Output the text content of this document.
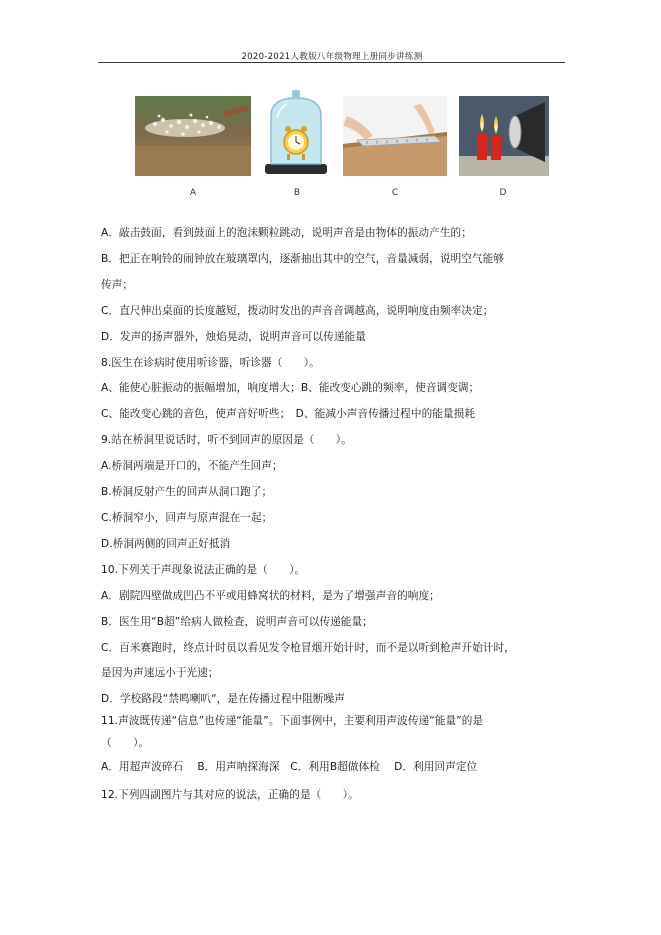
2020-2021人教版八年级物理上册同步讲练测
A	B	C	D
A．敲击鼓面，看到鼓面上的泡沫颗粒跳动，说明声音是由物体的振动产生的；
B．把正在响铃的闹钟放在玻璃罩内，逐渐抽出其中的空气，音量减弱，说明空气能够
传声；
C．直尺伸出桌面的长度越短，拨动时发出的声音音调越高，说明响度由频率决定；
D．发声的扬声器外，烛焰晃动，说明声音可以传递能量
8.医生在诊病时使用听诊器，听诊器（　　）。
A、能使心脏振动的振幅增加，响度增大；B、能改变心跳的频率，使音调变调；
C、能改变心跳的音色，使声音好听些；　D、能减小声音传播过程中的能量损耗
9.站在桥洞里说话时，听不到回声的原因是（　　）。
A.桥洞两端是开口的，不能产生回声；
B.桥洞反射产生的回声从洞口跑了；
C.桥洞窄小，回声与原声混在一起；
D.桥洞两侧的回声正好抵消
10.下列关于声现象说法正确的是（　　）。
A．剧院四壁做成凹凸不平或用蜂窝状的材料，是为了增强声音的响度；
B．医生用“B超”给病人做检查，说明声音可以传递能量；
C．百米赛跑时，终点计时员以看见发令枪冒烟开始计时，而不是以听到枪声开始计时，
是因为声速远小于光速；
D．学校路段“禁鸣喇叭“，是在传播过程中阻断噪声
11.声波既传递“信息”也传递“能量”。下面事例中，主要利用声波传递“能量”的是
（　　）。
A．用超声波碎石　 B．用声呐探海深　C．利用B超做体检　 D．利用回声定位
12.下列四副图片与其对应的说法，正确的是（　　）。
